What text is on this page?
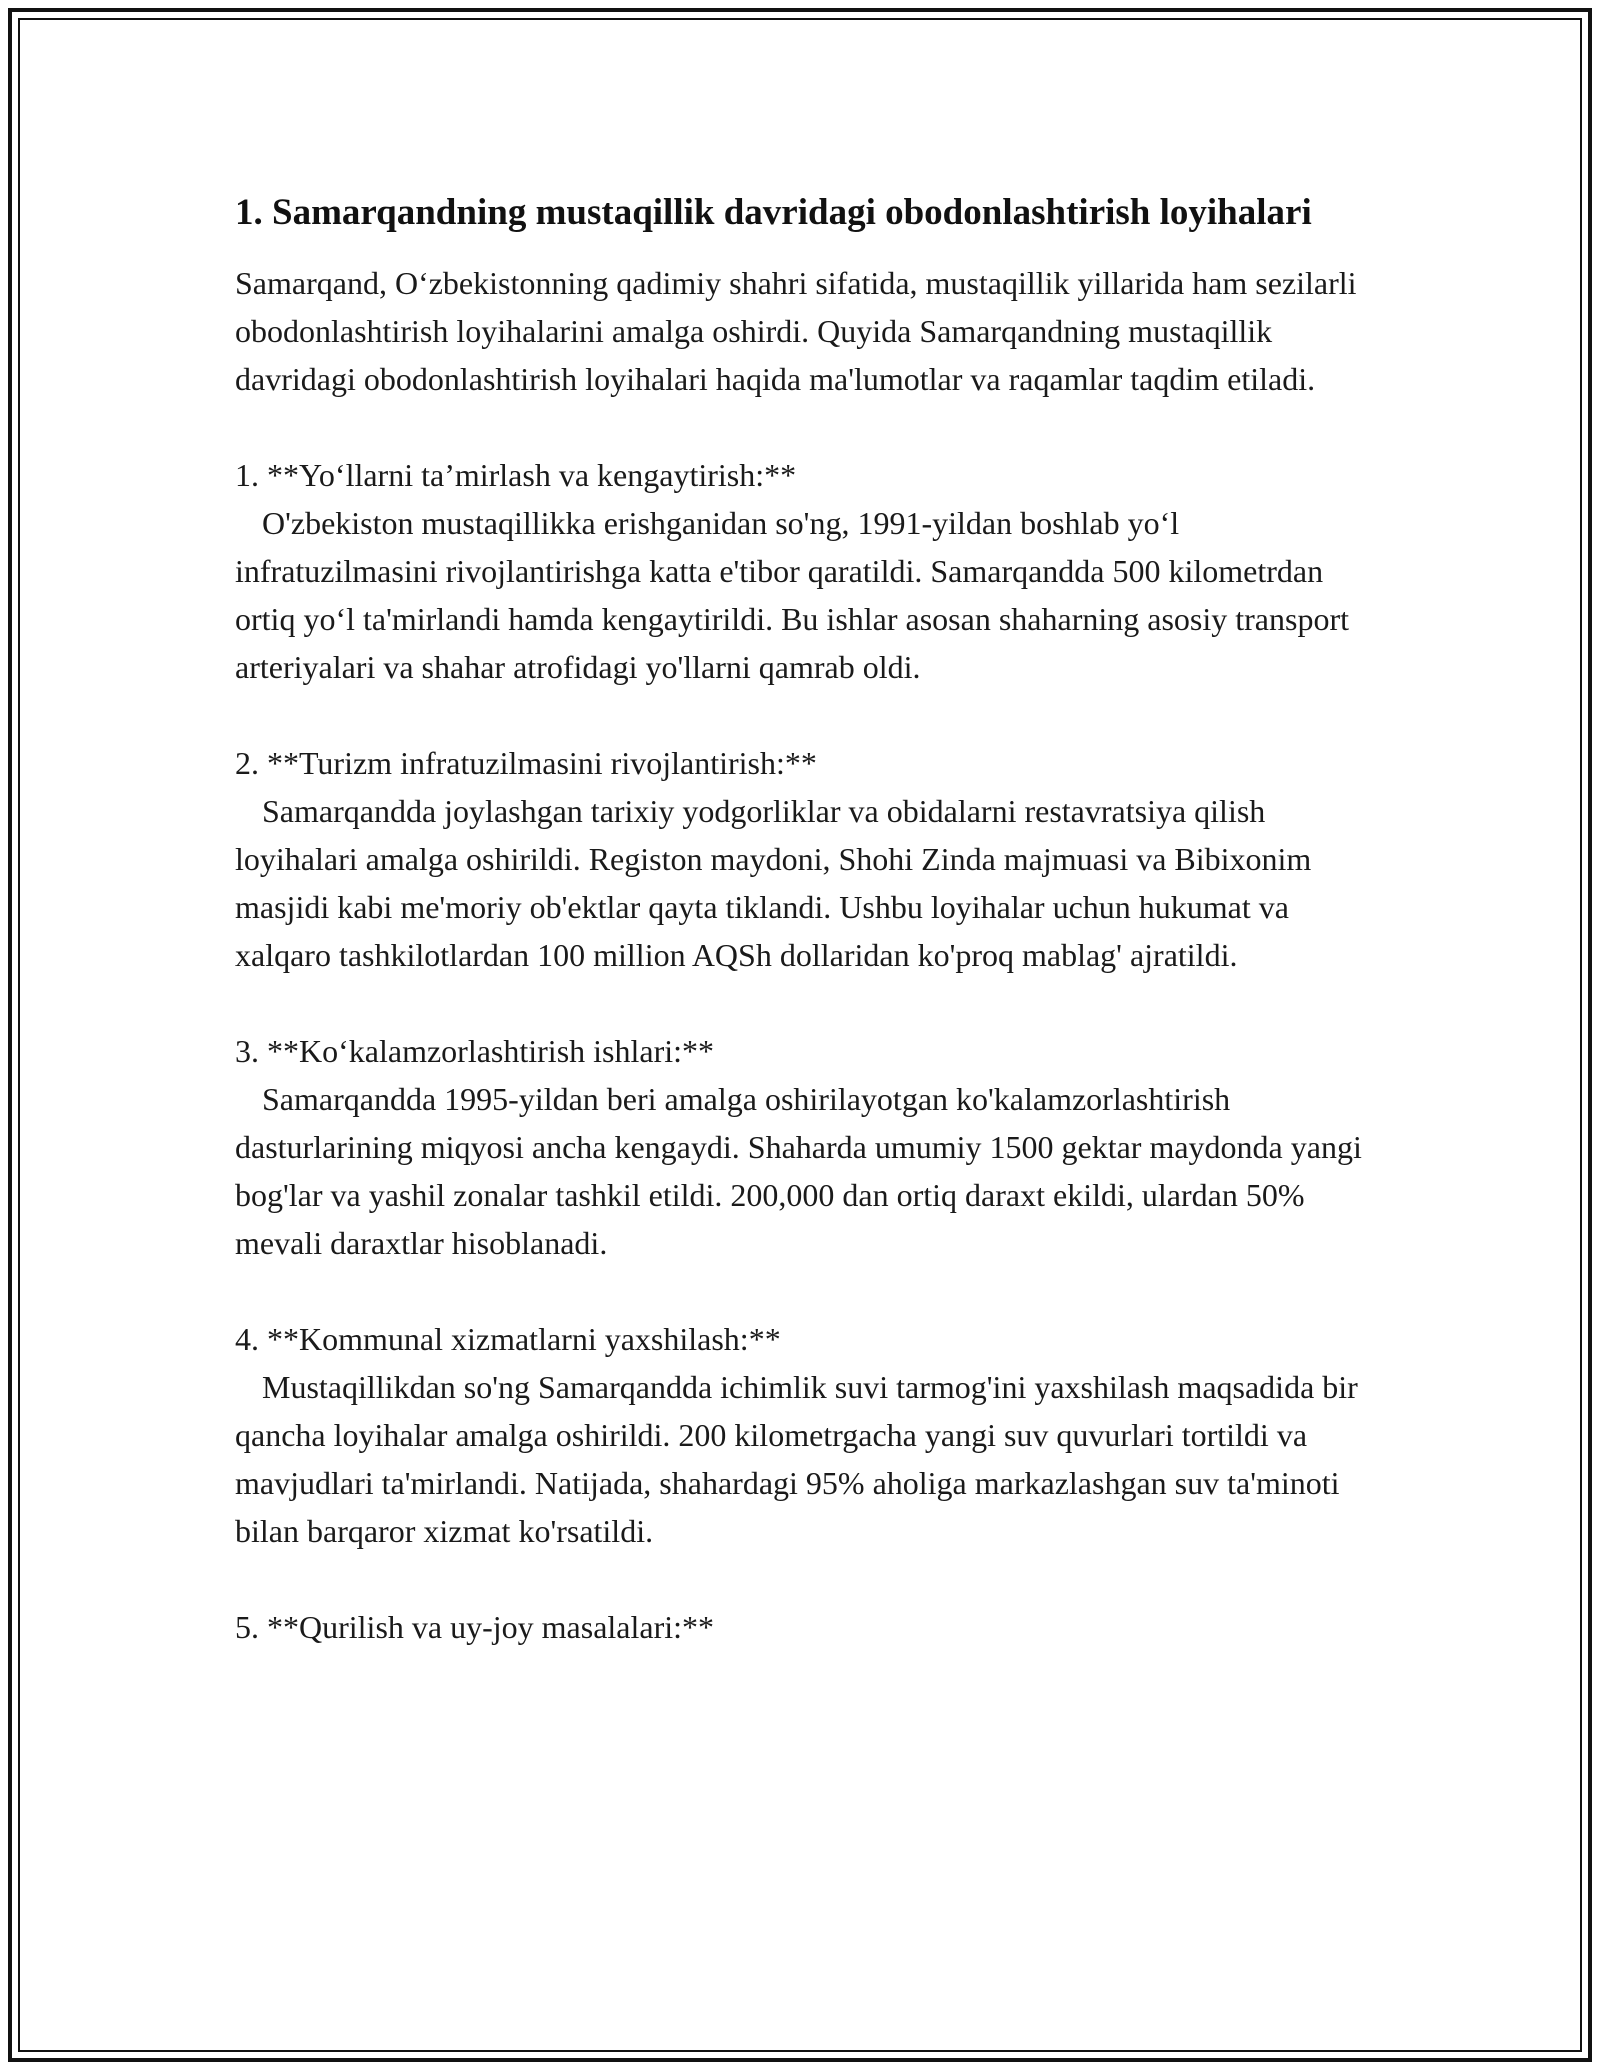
1. Samarqandning mustaqillik davridagi obodonlashtirish loyihalari

Samarqand, O‘zbekistonning qadimiy shahri sifatida, mustaqillik yillarida ham sezilarli obodonlashtirish loyihalarini amalga oshirdi. Quyida Samarqandning mustaqillik davridagi obodonlashtirish loyihalari haqida ma'lumotlar va raqamlar taqdim etiladi.

1. **Yo‘llarni ta’mirlash va kengaytirish:**

O'zbekiston mustaqillikka erishganidan so'ng, 1991-yildan boshlab yo‘l infratuzilmasini rivojlantirishga katta e'tibor qaratildi. Samarqandda 500 kilometrdan ortiq yo‘l ta'mirlandi hamda kengaytirildi. Bu ishlar asosan shaharning asosiy transport arteriyalari va shahar atrofidagi yo'llarni qamrab oldi.

2. **Turizm infratuzilmasini rivojlantirish:**

Samarqandda joylashgan tarixiy yodgorliklar va obidalarni restavratsiya qilish loyihalari amalga oshirildi. Registon maydoni, Shohi Zinda majmuasi va Bibixonim masjidi kabi me'moriy ob'ektlar qayta tiklandi. Ushbu loyihalar uchun hukumat va xalqaro tashkilotlardan 100 million AQSh dollaridan ko'proq mablag' ajratildi.

3. **Ko‘kalamzorlashtirish ishlari:**

Samarqandda 1995-yildan beri amalga oshirilayotgan ko'kalamzorlashtirish dasturlarining miqyosi ancha kengaydi. Shaharda umumiy 1500 gektar maydonda yangi bog'lar va yashil zonalar tashkil etildi. 200,000 dan ortiq daraxt ekildi, ulardan 50% mevali daraxtlar hisoblanadi.

4. **Kommunal xizmatlarni yaxshilash:**

Mustaqillikdan so'ng Samarqandda ichimlik suvi tarmog'ini yaxshilash maqsadida bir qancha loyihalar amalga oshirildi. 200 kilometrgacha yangi suv quvurlari tortildi va mavjudlari ta'mirlandi. Natijada, shahardagi 95% aholiga markazlashgan suv ta'minoti bilan barqaror xizmat ko'rsatildi.

5. **Qurilish va uy-joy masalalari:**
